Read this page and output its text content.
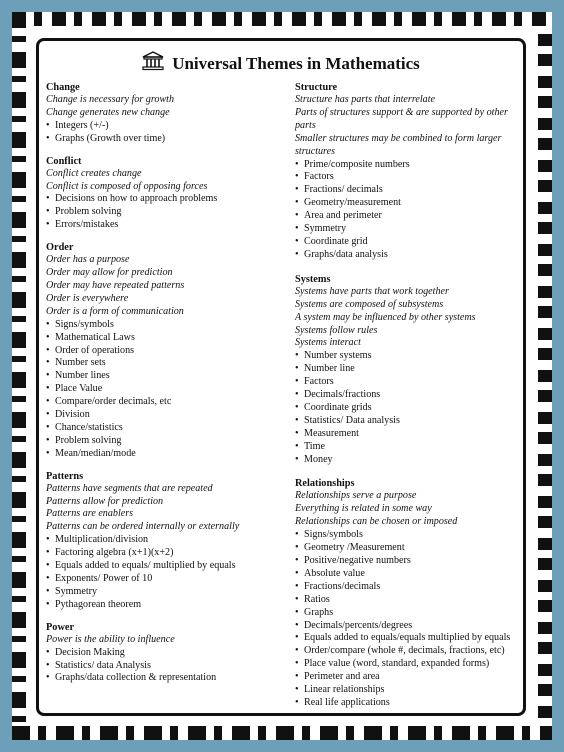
Universal Themes in Mathematics
Change
Change is necessary for growth
Change generates new change
• Integers (+/-)
• Graphs (Growth over time)
Conflict
Conflict creates change
Conflict is composed of opposing forces
• Decisions on how to approach problems
• Problem solving
• Errors/mistakes
Order
Order has a purpose
Order may allow for prediction
Order may have repeated patterns
Order is everywhere
Order is a form of communication
• Signs/symbols
• Mathematical Laws
• Order of operations
• Number sets
• Number lines
• Place Value
• Compare/order decimals, etc
• Division
• Chance/statistics
• Problem solving
• Mean/median/mode
Patterns
Patterns have segments that are repeated
Patterns allow for prediction
Patterns are enablers
Patterns can be ordered internally or externally
• Multiplication/division
• Factoring algebra (x+1)(x+2)
• Equals added to equals/ multiplied by equals
• Exponents/ Power of 10
• Symmetry
• Pythagorean theorem
Power
Power is the ability to influence
• Decision Making
• Statistics/ data Analysis
• Graphs/data collection & representation
Structure
Structure has parts that interrelate
Parts of structures support & are supported by other parts
Smaller structures may be combined to form larger structures
• Prime/composite numbers
• Factors
• Fractions/ decimals
• Geometry/measurement
• Area and perimeter
• Symmetry
• Coordinate grid
• Graphs/data analysis
Systems
Systems have parts that work together
Systems are composed of subsystems
A system may be influenced by other systems
Systems follow rules
Systems interact
• Number systems
• Number line
• Factors
• Decimals/fractions
• Coordinate grids
• Statistics/ Data analysis
• Measurement
• Time
• Money
Relationships
Relationships serve a purpose
Everything is related in some way
Relationships can be chosen or imposed
• Signs/symbols
• Geometry /Measurement
• Positive/negative numbers
• Absolute value
• Fractions/decimals
• Ratios
• Graphs
• Decimals/percents/degrees
• Equals added to equals/equals multiplied by equals
• Order/compare (whole #, decimals, fractions, etc)
• Place value (word, standard, expanded forms)
• Perimeter and area
• Linear relationships
• Real life applications
